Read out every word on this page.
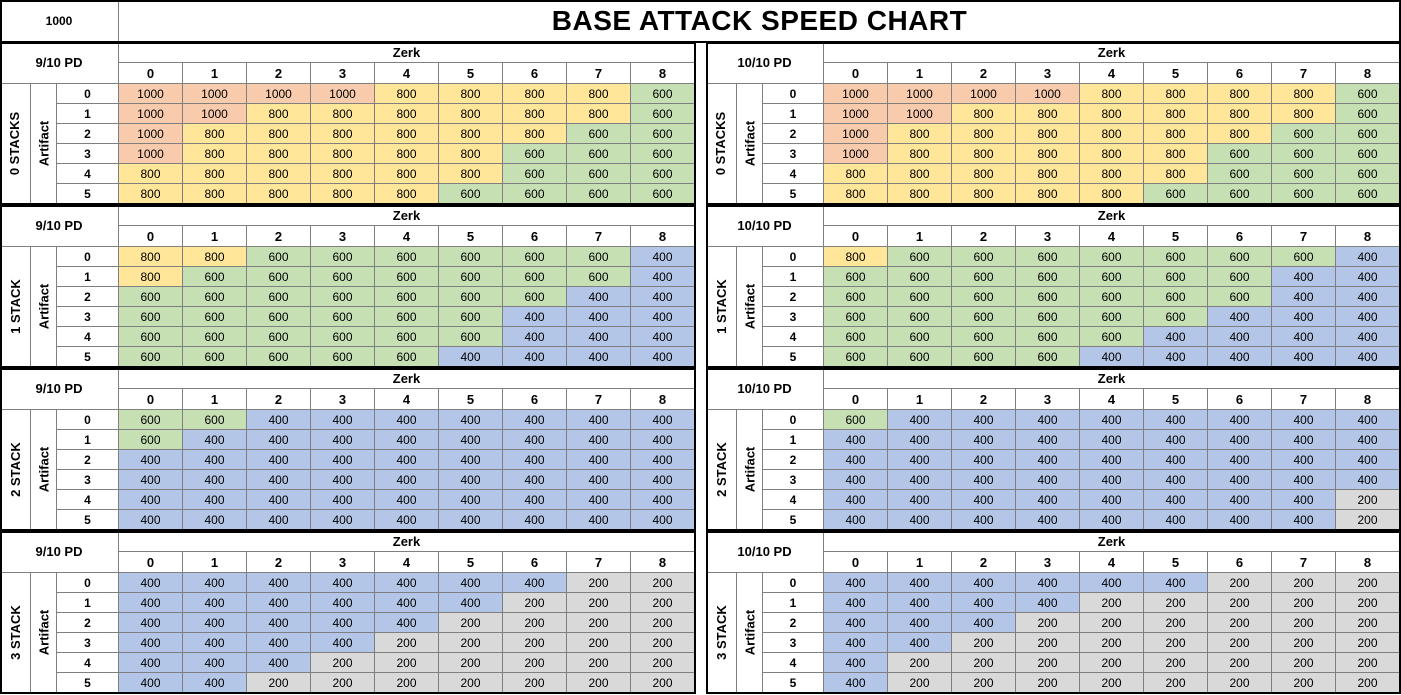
1000	BASE ATTACK SPEED CHART
9/10 PD
Zerk
0	1	2	3	4	5	6	7	8
0 STACKS Artifact
0	1000	1000	1000	1000	800	800	800	800	600
1	1000	1000	800	800	800	800	800	800	600
2	1000	800	800	800	800	800	800	600	600
3	1000	800	800	800	800	800	600	600	600
4	800	800	800	800	800	800	600	600	600
5	800	800	800	800	800	600	600	600	600
10/10 PD
Zerk
0	1	2	3	4	5	6	7	8
0 STACKS Artifact
0	1000	1000	1000	1000	800	800	800	800	600
1	1000	1000	800	800	800	800	800	800	600
2	1000	800	800	800	800	800	800	600	600
3	1000	800	800	800	800	800	600	600	600
4	800	800	800	800	800	800	600	600	600
5	800	800	800	800	800	600	600	600	600
9/10 PD
Zerk
0	1	2	3	4	5	6	7	8
1 STACK Artifact
0	800	800	600	600	600	600	600	600	400
1	800	600	600	600	600	600	600	600	400
2	600	600	600	600	600	600	600	400	400
3	600	600	600	600	600	600	400	400	400
4	600	600	600	600	600	600	400	400	400
5	600	600	600	600	600	400	400	400	400
10/10 PD
Zerk
0	1	2	3	4	5	6	7	8
1 STACK Artifact
0	800	600	600	600	600	600	600	600	400
1	600	600	600	600	600	600	600	400	400
2	600	600	600	600	600	600	600	400	400
3	600	600	600	600	600	600	400	400	400
4	600	600	600	600	600	400	400	400	400
5	600	600	600	600	400	400	400	400	400
9/10 PD
Zerk
0	1	2	3	4	5	6	7	8
2 STACK Artifact
0	600	600	400	400	400	400	400	400	400
1	600	400	400	400	400	400	400	400	400
2	400	400	400	400	400	400	400	400	400
3	400	400	400	400	400	400	400	400	400
4	400	400	400	400	400	400	400	400	400
5	400	400	400	400	400	400	400	400	400
10/10 PD
Zerk
0	1	2	3	4	5	6	7	8
2 STACK Artifact
0	600	400	400	400	400	400	400	400	400
1	400	400	400	400	400	400	400	400	400
2	400	400	400	400	400	400	400	400	400
3	400	400	400	400	400	400	400	400	400
4	400	400	400	400	400	400	400	400	200
5	400	400	400	400	400	400	400	400	200
9/10 PD
Zerk
0	1	2	3	4	5	6	7	8
3 STACK Artifact
0	400	400	400	400	400	400	400	200	200
1	400	400	400	400	400	400	200	200	200
2	400	400	400	400	400	200	200	200	200
3	400	400	400	400	200	200	200	200	200
4	400	400	400	200	200	200	200	200	200
5	400	400	200	200	200	200	200	200	200
10/10 PD
Zerk
0	1	2	3	4	5	6	7	8
3 STACK Artifact
0	400	400	400	400	400	400	200	200	200
1	400	400	400	400	200	200	200	200	200
2	400	400	400	200	200	200	200	200	200
3	400	400	200	200	200	200	200	200	200
4	400	200	200	200	200	200	200	200	200
5	400	200	200	200	200	200	200	200	200
